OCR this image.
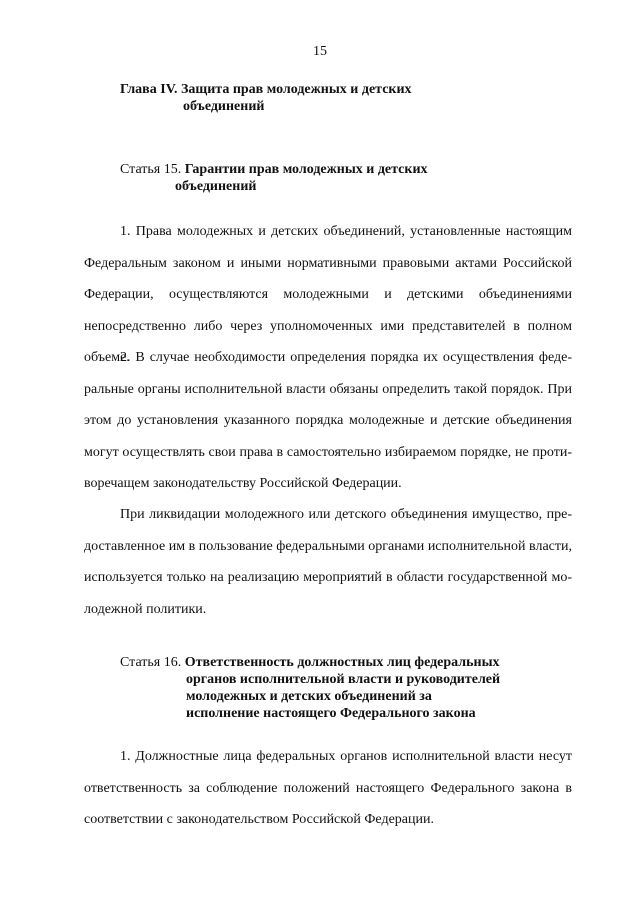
15
Глава IV. Защита прав молодежных и детских
объединений
Статья 15. Гарантии прав молодежных и детских
объединений

1. Права молодежных и детских объединений, установленные настоящим Федеральным законом и иными нормативными правовыми актами Российской Федерации, осуществляются молодежными и детскими объединениями непосредственно либо через уполномоченных ими представителей в полном объеме.

2. В случае необходимости определения порядка их осуществления федеральные органы исполнительной власти обязаны определить такой порядок. При этом до установления указанного порядка молодежные и детские объединения могут осуществлять свои права в самостоятельно избираемом порядке, не противоречащем законодательству Российской Федерации.

При ликвидации молодежного или детского объединения имущество, предоставленное им в пользование федеральными органами исполнительной власти, используется только на реализацию мероприятий в области государственной молодежной политики.

Статья 16. Ответственность должностных лиц федеральных
органов исполнительной власти и руководителей
молодежных и детских объединений за
исполнение настоящего Федерального закона

1. Должностные лица федеральных органов исполнительной власти несут ответственность за соблюдение положений настоящего Федерального закона в соответствии с законодательством Российской Федерации.
